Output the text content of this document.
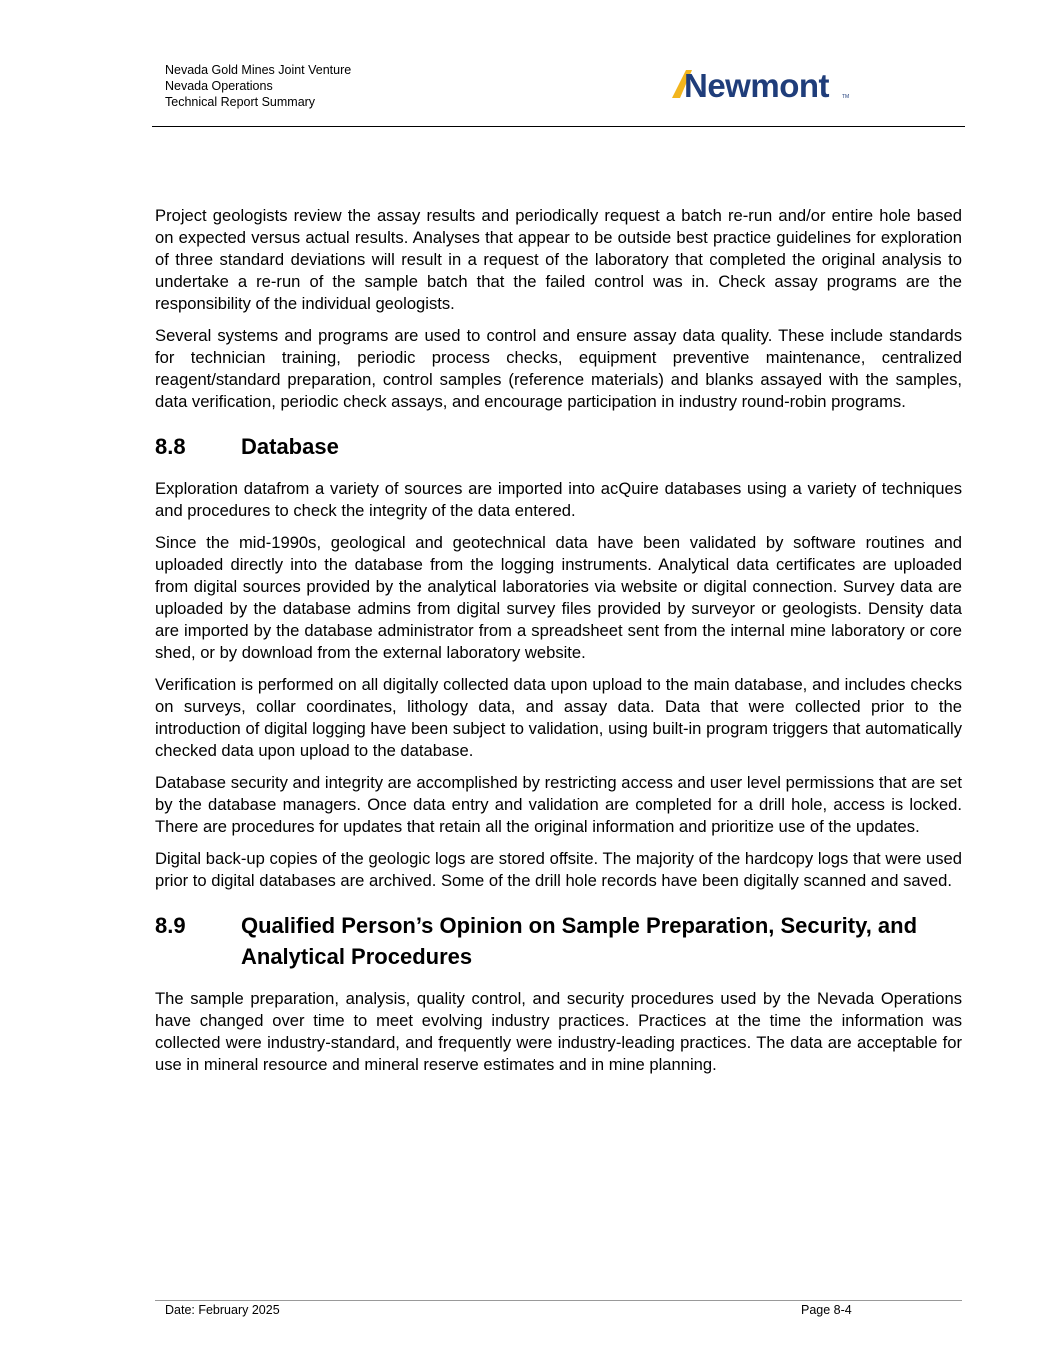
Nevada Gold Mines Joint Venture
Nevada Operations
Technical Report Summary	Newmont	TM

Project geologists review the assay results and periodically request a batch re-run and/or entire hole based on expected versus actual results. Analyses that appear to be outside best practice guidelines for exploration of three standard deviations will result in a request of the laboratory that completed the original analysis to undertake a re-run of the sample batch that the failed control was in. Check assay programs are the responsibility of the individual geologists.

Several systems and programs are used to control and ensure assay data quality. These include standards for technician training, periodic process checks, equipment preventive maintenance, centralized reagent/standard preparation, control samples (reference materials) and blanks assayed with the samples, data verification, periodic check assays, and encourage participation in industry round-robin programs.

8.8	Database

Exploration datafrom a variety of sources are imported into acQuire databases using a variety of techniques and procedures to check the integrity of the data entered.

Since the mid-1990s, geological and geotechnical data have been validated by software routines and uploaded directly into the database from the logging instruments. Analytical data certificates are uploaded from digital sources provided by the analytical laboratories via website or digital connection. Survey data are uploaded by the database admins from digital survey files provided by surveyor or geologists. Density data are imported by the database administrator from a spreadsheet sent from the internal mine laboratory or core shed, or by download from the external laboratory website.

Verification is performed on all digitally collected data upon upload to the main database, and includes checks on surveys, collar coordinates, lithology data, and assay data. Data that were collected prior to the introduction of digital logging have been subject to validation, using built-in program triggers that automatically checked data upon upload to the database.

Database security and integrity are accomplished by restricting access and user level permissions that are set by the database managers. Once data entry and validation are completed for a drill hole, access is locked. There are procedures for updates that retain all the original information and prioritize use of the updates.

Digital back-up copies of the geologic logs are stored offsite. The majority of the hardcopy logs that were used prior to digital databases are archived. Some of the drill hole records have been digitally scanned and saved.

8.9	Qualified Person’s Opinion on Sample Preparation, Security, and Analytical Procedures

The sample preparation, analysis, quality control, and security procedures used by the Nevada Operations have changed over time to meet evolving industry practices. Practices at the time the information was collected were industry-standard, and frequently were industry-leading practices. The data are acceptable for use in mineral resource and mineral reserve estimates and in mine planning.

Date: February 2025	Page 8-4
